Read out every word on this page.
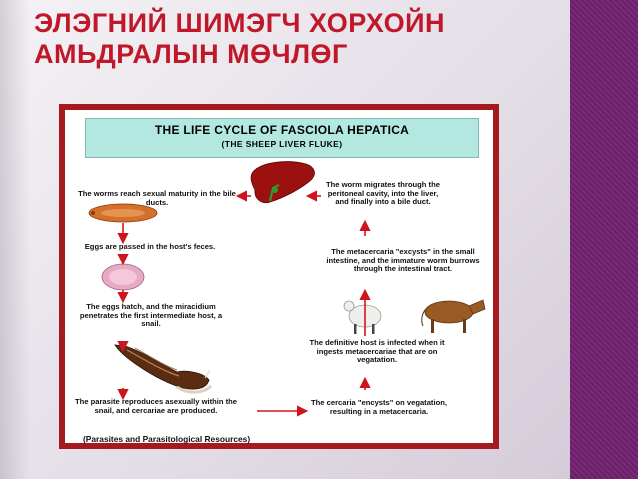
ЭЛЭГНИЙ ШИМЭГЧ ХОРХОЙН
АМЬДРАЛЫН МӨЧЛӨГ
THE LIFE CYCLE OF FASCIOLA HEPATICA
(THE SHEEP LIVER FLUKE)
The worms reach sexual maturity in the bile ducts.
Eggs are passed in the host's feces.
The eggs hatch, and the miracidium penetrates the first intermediate host, a snail.
The parasite reproduces asexually within the snail, and cercariae are produced.
The cercaria "encysts" on vegatation, resulting in a metacercaria.
The definitive host is infected when it ingests metacercariae that are on vegatation.
The metacercaria "excysts" in the small intestine, and the immature worm burrows through the intestinal tract.
The worm migrates through the peritoneal cavity, into the liver, and finally into a bile duct.
(Parasites and Parasitological Resources)
